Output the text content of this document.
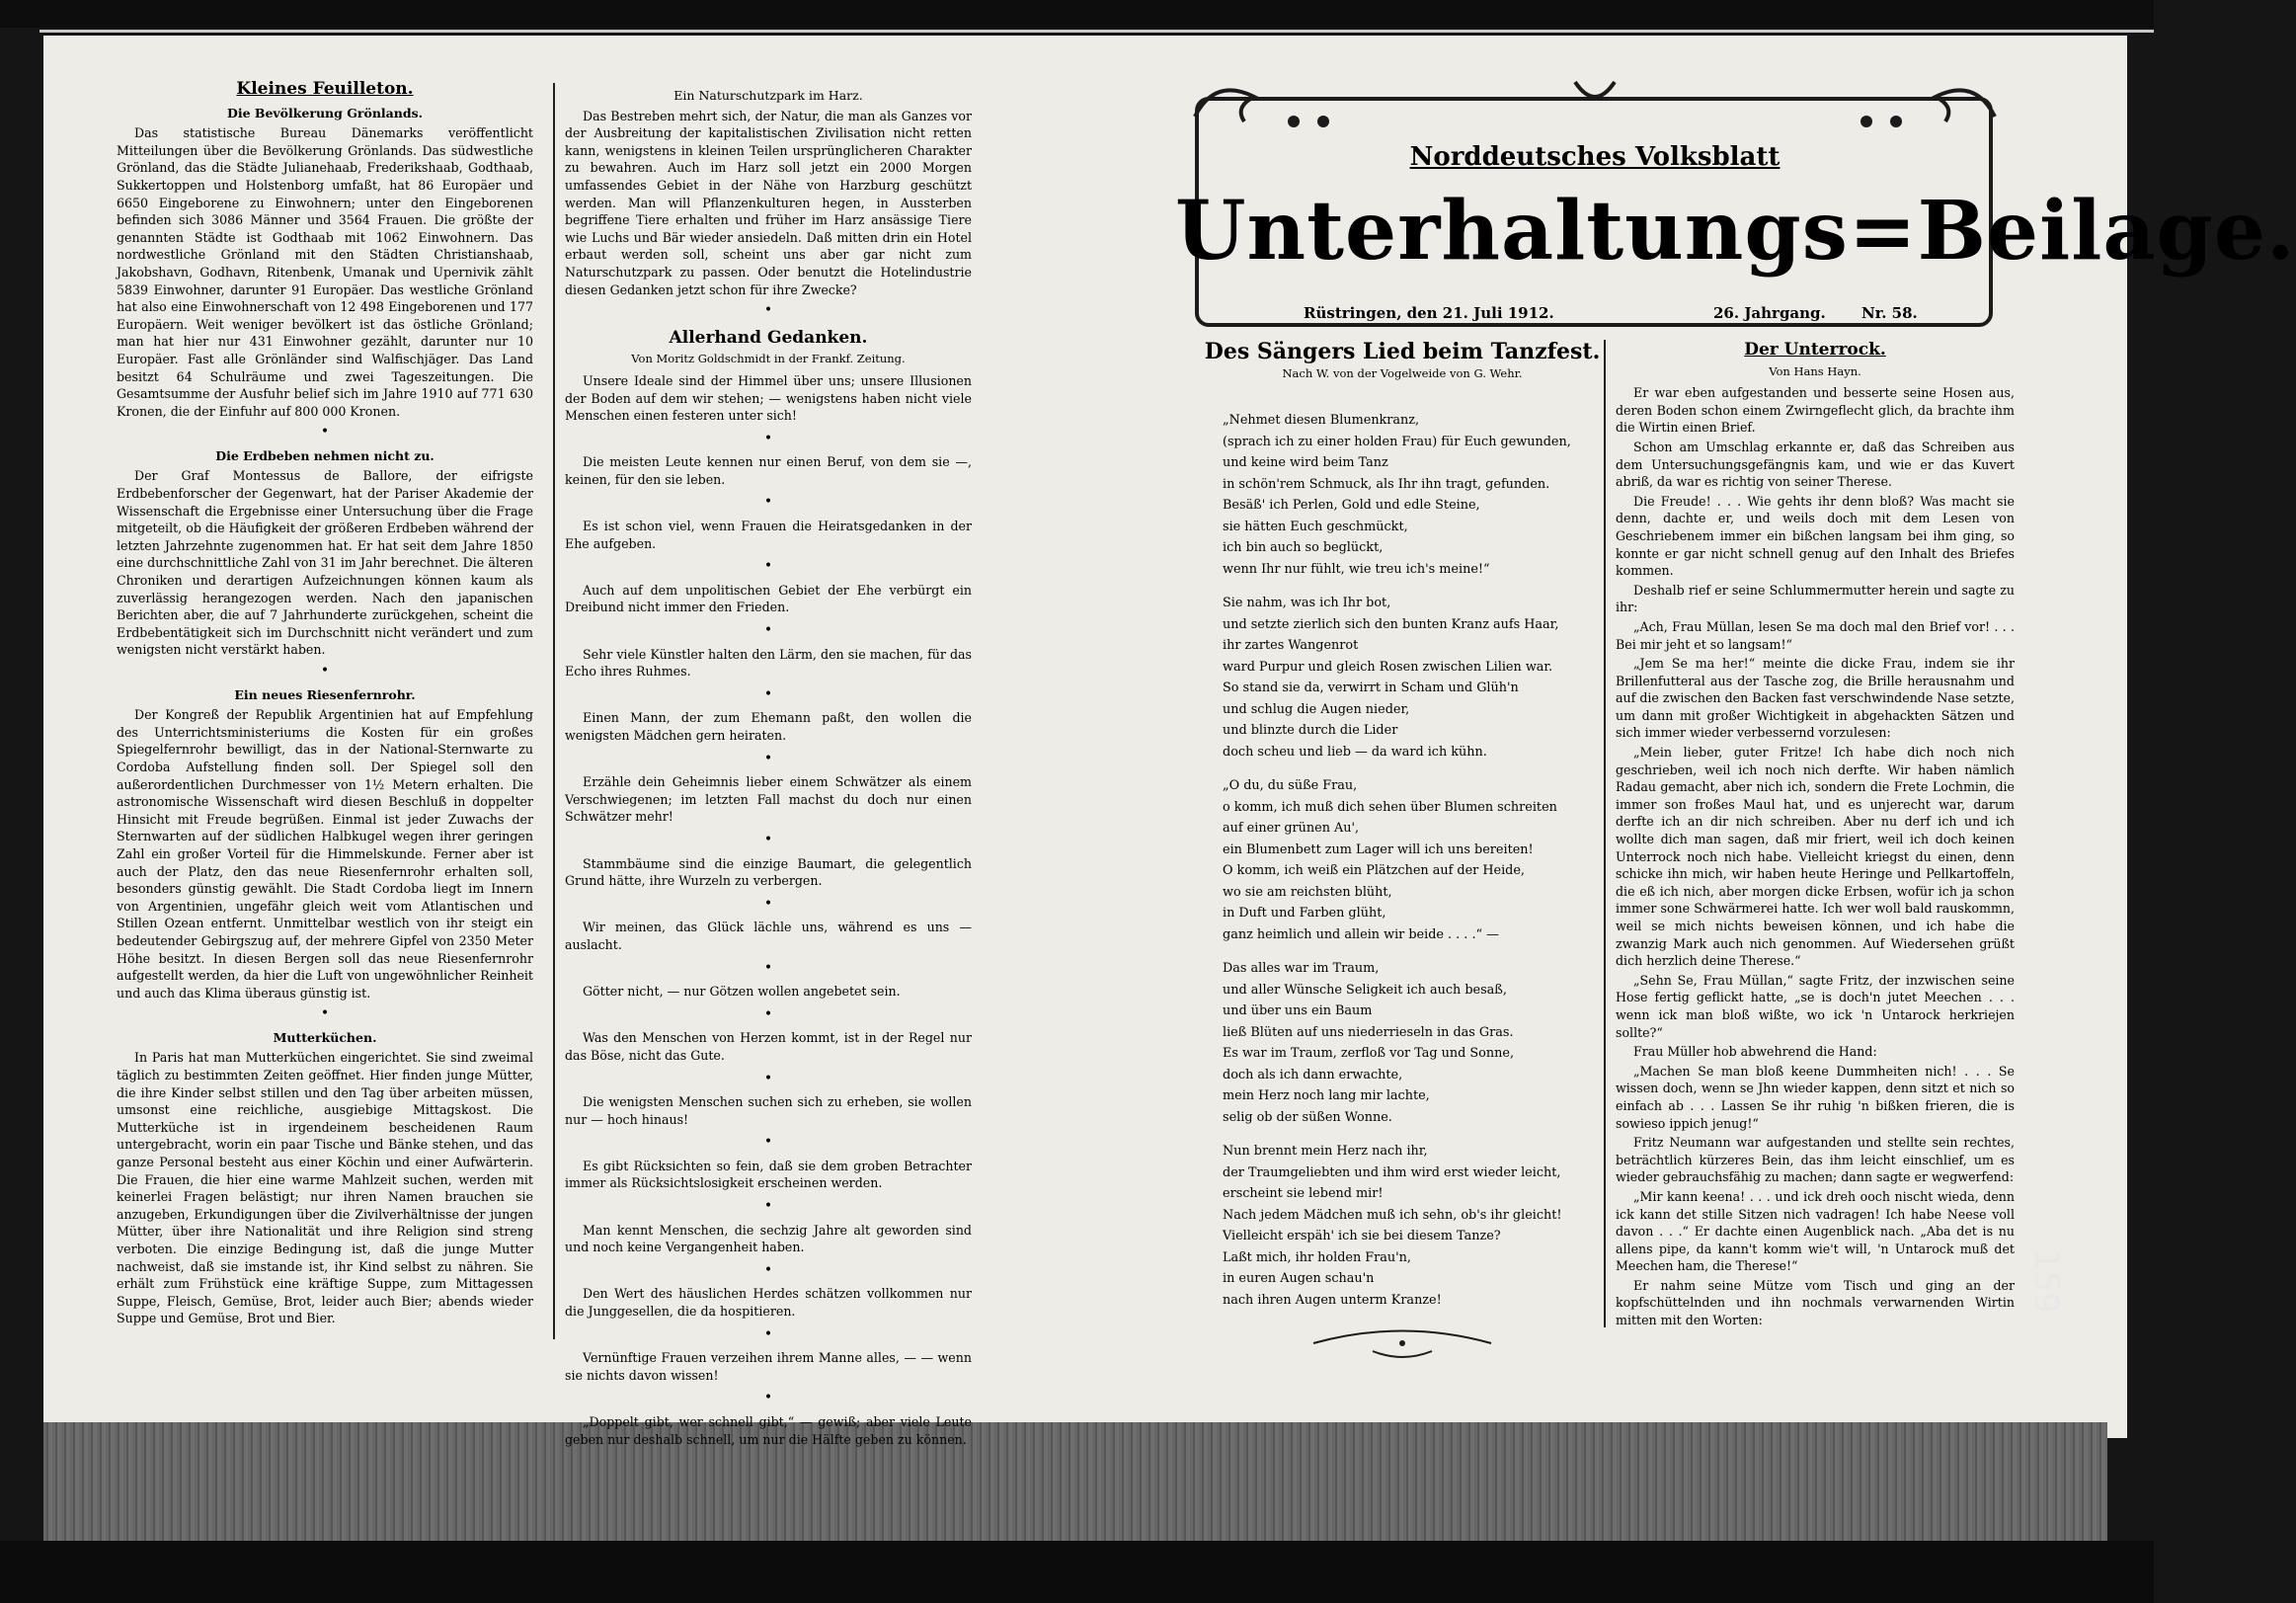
Kleines Feuilleton.
Die Bevölkerung Grönlands.

Das statistische Bureau Dänemarks veröffentlicht Mitteilungen über die Bevölkerung Grönlands. Das südwestliche Grönland, das die Städte Julianehaab, Frederikshaab, Godthaab, Sukkertoppen und Holstenborg umfaßt, hat 86 Europäer und 6650 Eingeborene zu Einwohnern; unter den Eingeborenen befinden sich 3086 Männer und 3564 Frauen. Die größte der genannten Städte ist Godthaab mit 1062 Einwohnern. Das nordwestliche Grönland mit den Städten Christianshaab, Jakobshavn, Godhavn, Ritenbenk, Umanak und Upernivik zählt 5839 Einwohner, darunter 91 Europäer. Das westliche Grönland hat also eine Einwohnerschaft von 12 498 Eingeborenen und 177 Europäern. Weit weniger bevölkert ist das östliche Grönland; man hat hier nur 431 Einwohner gezählt, darunter nur 10 Europäer. Fast alle Grönländer sind Walfischjäger. Das Land besitzt 64 Schulräume und zwei Tageszeitungen. Die Gesamtsumme der Ausfuhr belief sich im Jahre 1910 auf 771 630 Kronen, die der Einfuhr auf 800 000 Kronen.

•
Die Erdbeben nehmen nicht zu.

Der Graf Montessus de Ballore, der eifrigste Erdbebenforscher der Gegenwart, hat der Pariser Akademie der Wissenschaft die Ergebnisse einer Untersuchung über die Frage mitgeteilt, ob die Häufigkeit der größeren Erdbeben während der letzten Jahrzehnte zugenommen hat. Er hat seit dem Jahre 1850 eine durchschnittliche Zahl von 31 im Jahr berechnet. Die älteren Chroniken und derartigen Aufzeichnungen können kaum als zuverlässig herangezogen werden. Nach den japanischen Berichten aber, die auf 7 Jahrhunderte zurückgehen, scheint die Erdbebentätigkeit sich im Durchschnitt nicht verändert und zum wenigsten nicht verstärkt haben.

•
Ein neues Riesenfernrohr.

Der Kongreß der Republik Argentinien hat auf Empfehlung des Unterrichtsministeriums die Kosten für ein großes Spiegelfernrohr bewilligt, das in der National-Sternwarte zu Cordoba Aufstellung finden soll. Der Spiegel soll den außerordentlichen Durchmesser von 1½ Metern erhalten. Die astronomische Wissenschaft wird diesen Beschluß in doppelter Hinsicht mit Freude begrüßen. Einmal ist jeder Zuwachs der Sternwarten auf der südlichen Halbkugel wegen ihrer geringen Zahl ein großer Vorteil für die Himmelskunde. Ferner aber ist auch der Platz, den das neue Riesenfernrohr erhalten soll, besonders günstig gewählt. Die Stadt Cordoba liegt im Innern von Argentinien, ungefähr gleich weit vom Atlantischen und Stillen Ozean entfernt. Unmittelbar westlich von ihr steigt ein bedeutender Gebirgszug auf, der mehrere Gipfel von 2350 Meter Höhe besitzt. In diesen Bergen soll das neue Riesenfernrohr aufgestellt werden, da hier die Luft von ungewöhnlicher Reinheit und auch das Klima überaus günstig ist.

•
Mutterküchen.

In Paris hat man Mutterküchen eingerichtet. Sie sind zweimal täglich zu bestimmten Zeiten geöffnet. Hier finden junge Mütter, die ihre Kinder selbst stillen und den Tag über arbeiten müssen, umsonst eine reichliche, ausgiebige Mittagskost. Die Mutterküche ist in irgendeinem bescheidenen Raum untergebracht, worin ein paar Tische und Bänke stehen, und das ganze Personal besteht aus einer Köchin und einer Aufwärterin. Die Frauen, die hier eine warme Mahlzeit suchen, werden mit keinerlei Fragen belästigt; nur ihren Namen brauchen sie anzugeben, Erkundigungen über die Zivilverhältnisse der jungen Mütter, über ihre Nationalität und ihre Religion sind streng verboten. Die einzige Bedingung ist, daß die junge Mutter nachweist, daß sie imstande ist, ihr Kind selbst zu nähren. Sie erhält zum Frühstück eine kräftige Suppe, zum Mittagessen Suppe, Fleisch, Gemüse, Brot, leider auch Bier; abends wieder Suppe und Gemüse, Brot und Bier.

Ein Naturschutzpark im Harz.

Das Bestreben mehrt sich, der Natur, die man als Ganzes vor der Ausbreitung der kapitalistischen Zivilisation nicht retten kann, wenigstens in kleinen Teilen ursprünglicheren Charakter zu bewahren. Auch im Harz soll jetzt ein 2000 Morgen umfassendes Gebiet in der Nähe von Harzburg geschützt werden. Man will Pflanzenkulturen hegen, in Aussterben begriffene Tiere erhalten und früher im Harz ansässige Tiere wie Luchs und Bär wieder ansiedeln. Daß mitten drin ein Hotel erbaut werden soll, scheint uns aber gar nicht zum Naturschutzpark zu passen. Oder benutzt die Hotelindustrie diesen Gedanken jetzt schon für ihre Zwecke?

•
Allerhand Gedanken.
Von Moritz Goldschmidt in der Frankf. Zeitung.

Unsere Ideale sind der Himmel über uns; unsere Illusionen der Boden auf dem wir stehen; — wenigstens haben nicht viele Menschen einen festeren unter sich!

•

Die meisten Leute kennen nur einen Beruf, von dem sie —, keinen, für den sie leben.

•

Es ist schon viel, wenn Frauen die Heiratsgedanken in der Ehe aufgeben.

•

Auch auf dem unpolitischen Gebiet der Ehe verbürgt ein Dreibund nicht immer den Frieden.

•

Sehr viele Künstler halten den Lärm, den sie machen, für das Echo ihres Ruhmes.

•

Einen Mann, der zum Ehemann paßt, den wollen die wenigsten Mädchen gern heiraten.

•

Erzähle dein Geheimnis lieber einem Schwätzer als einem Verschwiegenen; im letzten Fall machst du doch nur einen Schwätzer mehr!

•

Stammbäume sind die einzige Baumart, die gelegentlich Grund hätte, ihre Wurzeln zu verbergen.

•

Wir meinen, das Glück lächle uns, während es uns — auslacht.

•

Götter nicht, — nur Götzen wollen angebetet sein.

•

Was den Menschen von Herzen kommt, ist in der Regel nur das Böse, nicht das Gute.

•

Die wenigsten Menschen suchen sich zu erheben, sie wollen nur — hoch hinaus!

•

Es gibt Rücksichten so fein, daß sie dem groben Betrachter immer als Rücksichtslosigkeit erscheinen werden.

•

Man kennt Menschen, die sechzig Jahre alt geworden sind und noch keine Vergangenheit haben.

•

Den Wert des häuslichen Herdes schätzen vollkommen nur die Junggesellen, die da hospitieren.

•

Vernünftige Frauen verzeihen ihrem Manne alles, — — wenn sie nichts davon wissen!

•

„Doppelt gibt, wer schnell gibt,“ — gewiß; aber viele Leute geben nur deshalb schnell, um nur die Hälfte geben zu können.

Norddeutsches Volksblatt
Unterhaltungs=Beilage.
Rüstringen, den 21. Juli 1912.	26. Jahrgang. Nr. 58.
Des Sängers Lied beim Tanzfest.
Nach W. von der Vogelweide von G. Wehr.
„Nehmet diesen Blumenkranz,
(sprach ich zu einer holden Frau) für Euch gewunden,
und keine wird beim Tanz
in schön'rem Schmuck, als Ihr ihn tragt, gefunden.
Besäß' ich Perlen, Gold und edle Steine,
sie hätten Euch geschmückt,
ich bin auch so beglückt,
wenn Ihr nur fühlt, wie treu ich's meine!“
Sie nahm, was ich Ihr bot,
und setzte zierlich sich den bunten Kranz aufs Haar,
ihr zartes Wangenrot
ward Purpur und gleich Rosen zwischen Lilien war.
So stand sie da, verwirrt in Scham und Glüh'n
und schlug die Augen nieder,
und blinzte durch die Lider
doch scheu und lieb — da ward ich kühn.
„O du, du süße Frau,
o komm, ich muß dich sehen über Blumen schreiten
auf einer grünen Au',
ein Blumenbett zum Lager will ich uns bereiten!
O komm, ich weiß ein Plätzchen auf der Heide,
wo sie am reichsten blüht,
in Duft und Farben glüht,
ganz heimlich und allein wir beide . . . .“ —
Das alles war im Traum,
und aller Wünsche Seligkeit ich auch besaß,
und über uns ein Baum
ließ Blüten auf uns niederrieseln in das Gras.
Es war im Traum, zerfloß vor Tag und Sonne,
doch als ich dann erwachte,
mein Herz noch lang mir lachte,
selig ob der süßen Wonne.
Nun brennt mein Herz nach ihr,
der Traumgeliebten und ihm wird erst wieder leicht,
erscheint sie lebend mir!
Nach jedem Mädchen muß ich sehn, ob's ihr gleicht!
Vielleicht erspäh' ich sie bei diesem Tanze?
Laßt mich, ihr holden Frau'n,
in euren Augen schau'n
nach ihren Augen unterm Kranze!
Der Unterrock.
Von Hans Hayn.

Er war eben aufgestanden und besserte seine Hosen aus, deren Boden schon einem Zwirngeflecht glich, da brachte ihm die Wirtin einen Brief.

Schon am Umschlag erkannte er, daß das Schreiben aus dem Untersuchungsgefängnis kam, und wie er das Kuvert abriß, da war es richtig von seiner Therese.

Die Freude! . . . Wie gehts ihr denn bloß? Was macht sie denn, dachte er, und weils doch mit dem Lesen von Geschriebenem immer ein bißchen langsam bei ihm ging, so konnte er gar nicht schnell genug auf den Inhalt des Briefes kommen.

Deshalb rief er seine Schlummermutter herein und sagte zu ihr:

„Ach, Frau Müllan, lesen Se ma doch mal den Brief vor! . . . Bei mir jeht et so langsam!“

„Jem Se ma her!“ meinte die dicke Frau, indem sie ihr Brillenfutteral aus der Tasche zog, die Brille herausnahm und auf die zwischen den Backen fast verschwindende Nase setzte, um dann mit großer Wichtigkeit in abgehackten Sätzen und sich immer wieder verbessernd vorzulesen:

„Mein lieber, guter Fritze! Ich habe dich noch nich geschrieben, weil ich noch nich derfte. Wir haben nämlich Radau gemacht, aber nich ich, sondern die Frete Lochmin, die immer son froßes Maul hat, und es unjerecht war, darum derfte ich an dir nich schreiben. Aber nu derf ich und ich wollte dich man sagen, daß mir friert, weil ich doch keinen Unterrock noch nich habe. Vielleicht kriegst du einen, denn schicke ihn mich, wir haben heute Heringe und Pellkartoffeln, die eß ich nich, aber morgen dicke Erbsen, wofür ich ja schon immer sone Schwärmerei hatte. Ich wer woll bald rauskommn, weil se mich nichts beweisen können, und ich habe die zwanzig Mark auch nich genommen. Auf Wiedersehen grüßt dich herzlich deine Therese.“

„Sehn Se, Frau Müllan,“ sagte Fritz, der inzwischen seine Hose fertig geflickt hatte, „se is doch'n jutet Meechen . . . wenn ick man bloß wißte, wo ick 'n Untarock herkriejen sollte?“

Frau Müller hob abwehrend die Hand:

„Machen Se man bloß keene Dummheiten nich! . . . Se wissen doch, wenn se Jhn wieder kappen, denn sitzt et nich so einfach ab . . . Lassen Se ihr ruhig 'n bißken frieren, die is sowieso ippich jenug!“

Fritz Neumann war aufgestanden und stellte sein rechtes, beträchtlich kürzeres Bein, das ihm leicht einschlief, um es wieder gebrauchsfähig zu machen; dann sagte er wegwerfend:

„Mir kann keena! . . . und ick dreh ooch nischt wieda, denn ick kann det stille Sitzen nich vadragen! Ich habe Neese voll davon . . .“ Er dachte einen Augenblick nach. „Aba det is nu allens pipe, da kann't komm wie't will, 'n Untarock muß det Meechen ham, die Therese!“

Er nahm seine Mütze vom Tisch und ging an der kopfschüttelnden und ihn nochmals verwarnenden Wirtin mitten mit den Worten:

159
